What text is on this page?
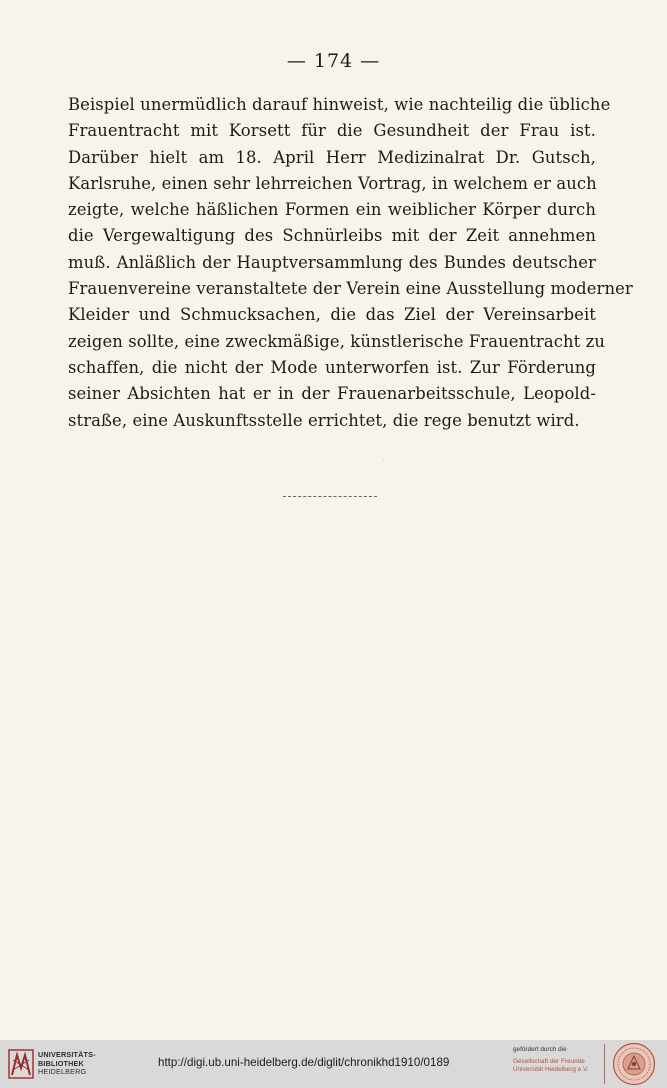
— 174 —
Beispiel unermüdlich darauf hinweist, wie nachteilig die übliche
Frauentracht mit Korsett für die Gesundheit der Frau ist.
Darüber hielt am 18. April Herr Medizinalrat Dr. Gutsch,
Karlsruhe, einen sehr lehrreichen Vortrag, in welchem er auch
zeigte, welche häßlichen Formen ein weiblicher Körper durch
die Vergewaltigung des Schnürleibs mit der Zeit annehmen
muß. Anläßlich der Hauptversammlung des Bundes deutscher
Frauenvereine veranstaltete der Verein eine Ausstellung moderner
Kleider und Schmucksachen, die das Ziel der Vereinsarbeit
zeigen sollte, eine zweckmäßige, künstlerische Frauentracht zu
schaffen, die nicht der Mode unterworfen ist. Zur Förderung
seiner Absichten hat er in der Frauenarbeitsschule, Leopold-
straße, eine Auskunftsstelle errichtet, die rege benutzt wird.
UNIVERSITÄTS-
BIBLIOTHEK
HEIDELBERG
http://digi.ub.uni-heidelberg.de/diglit/chronikhd1910/0189
gefördert durch die
Gesellschaft der Freunde
Universität Heidelberg e.V.
